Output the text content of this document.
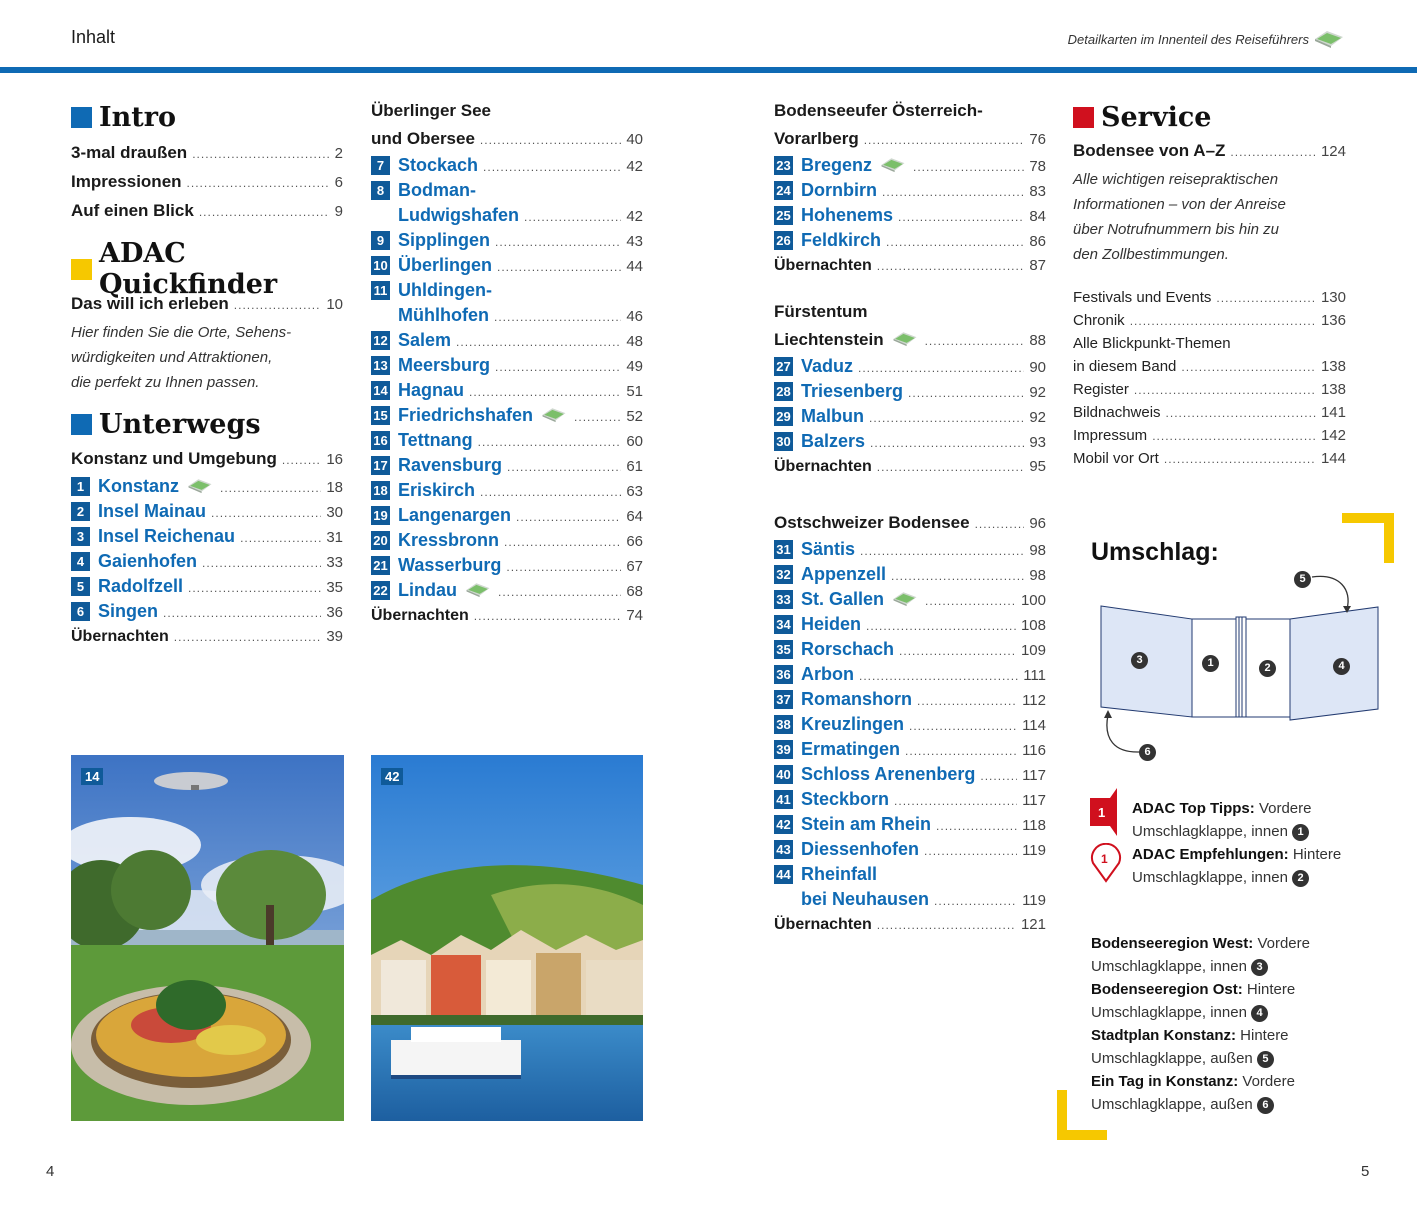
Inhalt	Detailkarten im Innenteil des Reiseführers
Intro
3-mal draußen .....	2
Impressionen .....	6
Auf einen Blick .....	9
ADAC Quickfinder
Das will ich erleben .....	10
Hier finden Sie die Orte, Sehens-
würdigkeiten und Attraktionen,
die perfekt zu Ihnen passen.
Unterwegs
Konstanz und Umgebung .....	16
1 Konstanz .....	18
2 Insel Mainau .....	30
3 Insel Reichenau .....	31
4 Gaienhofen .....	33
5 Radolfzell .....	35
6 Singen .....	36
Übernachten .....	39
Überlinger See
und Obersee .....	40
7 Stockach .....	42
8 Bodman-
Ludwigshafen .....	42
9 Sipplingen .....	43
10 Überlingen .....	44
11 Uhldingen-
Mühlhofen .....	46
12 Salem .....	48
13 Meersburg .....	49
14 Hagnau .....	51
15 Friedrichshafen .....	52
16 Tettnang .....	60
17 Ravensburg .....	61
18 Eriskirch .....	63
19 Langenargen .....	64
20 Kressbronn .....	66
21 Wasserburg .....	67
22 Lindau .....	68
Übernachten .....	74
Bodenseeufer Österreich-
Vorarlberg .....	76
23 Bregenz .....	78
24 Dornbirn .....	83
25 Hohenems .....	84
26 Feldkirch .....	86
Übernachten .....	87
Fürstentum
Liechtenstein .....	88
27 Vaduz .....	90
28 Triesenberg .....	92
29 Malbun .....	92
30 Balzers .....	93
Übernachten .....	95
Ostschweizer Bodensee .....	96
31 Säntis .....	98
32 Appenzell .....	98
33 St. Gallen .....	100
34 Heiden .....	108
35 Rorschach .....	109
36 Arbon .....	111
37 Romanshorn .....	112
38 Kreuzlingen .....	114
39 Ermatingen .....	116
40 Schloss Arenenberg .....	117
41 Steckborn .....	117
42 Stein am Rhein .....	118
43 Diessenhofen .....	119
44 Rheinfall
bei Neuhausen .....	119
Übernachten .....	121
Service
Bodensee von A–Z .....	124
Alle wichtigen reisepraktischen
Informationen – von der Anreise
über Notrufnummern bis hin zu
den Zollbestimmungen.
Festivals und Events .....	130
Chronik .....	136
Alle Blickpunkt-Themen
in diesem Band .....	138
Register .....	138
Bildnachweis .....	141
Impressum .....	142
Mobil vor Ort .....	144
Umschlag:
5
3	1	2	4
6
1 ADAC Top Tipps: Vordere
Umschlagklappe, innen 1
1 ADAC Empfehlungen: Hintere
Umschlagklappe, innen 2
Bodenseeregion West: Vordere
Umschlagklappe, innen 3
Bodenseeregion Ost: Hintere
Umschlagklappe, innen 4
Stadtplan Konstanz: Hintere
Umschlagklappe, außen 5
Ein Tag in Konstanz: Vordere
Umschlagklappe, außen 6
14	42
4	5
